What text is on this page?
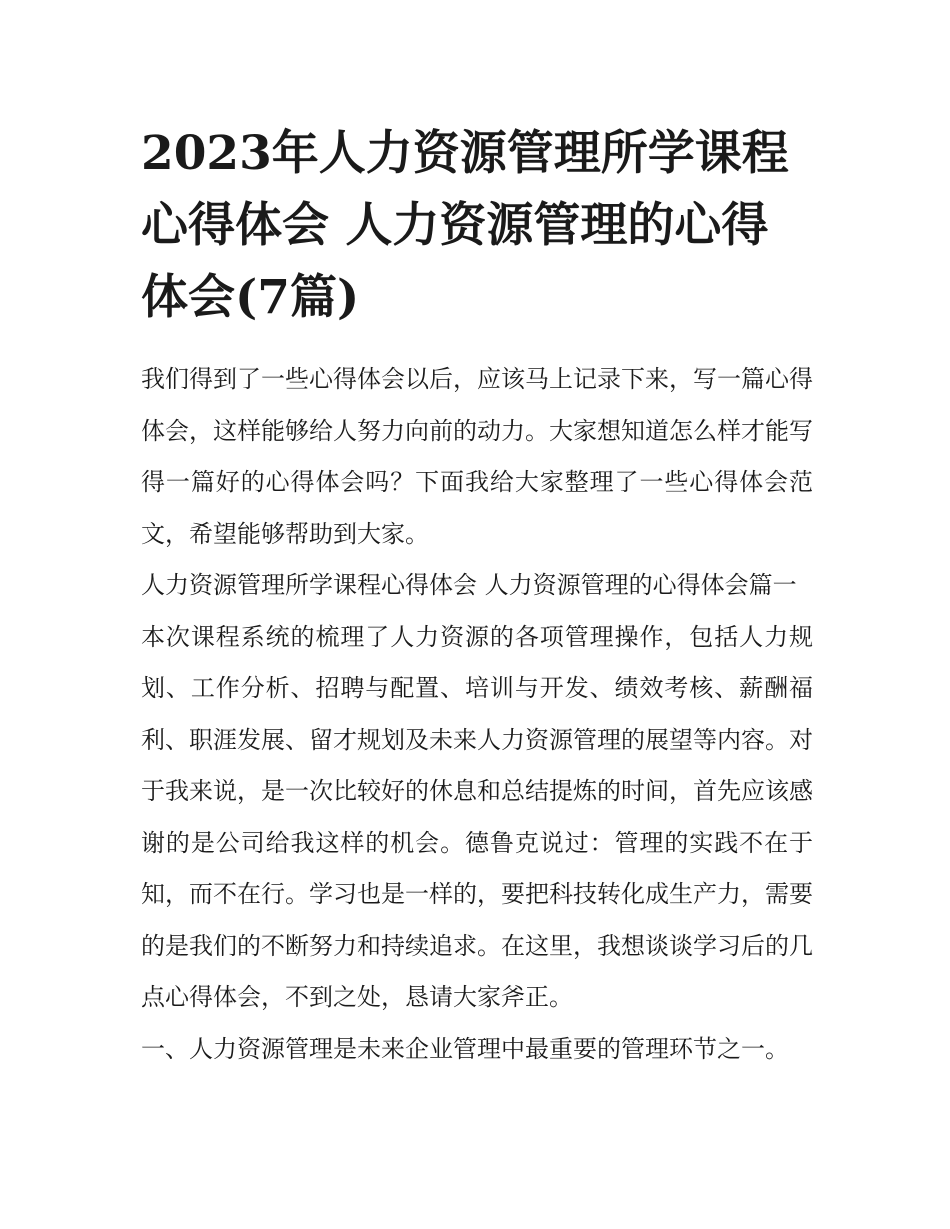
2023年人力资源管理所学课程心得体会 人力资源管理的心得体会(7篇)

我们得到了一些心得体会以后，应该马上记录下来，写一篇心得体会，这样能够给人努力向前的动力。大家想知道怎么样才能写得一篇好的心得体会吗？下面我给大家整理了一些心得体会范文，希望能够帮助到大家。

人力资源管理所学课程心得体会 人力资源管理的心得体会篇一

本次课程系统的梳理了人力资源的各项管理操作，包括人力规划、工作分析、招聘与配置、培训与开发、绩效考核、薪酬福利、职涯发展、留才规划及未来人力资源管理的展望等内容。对于我来说，是一次比较好的休息和总结提炼的时间，首先应该感谢的是公司给我这样的机会。德鲁克说过：管理的实践不在于知，而不在行。学习也是一样的，要把科技转化成生产力，需要的是我们的不断努力和持续追求。在这里，我想谈谈学习后的几点心得体会，不到之处，恳请大家斧正。

一、人力资源管理是未来企业管理中最重要的管理环节之一。
